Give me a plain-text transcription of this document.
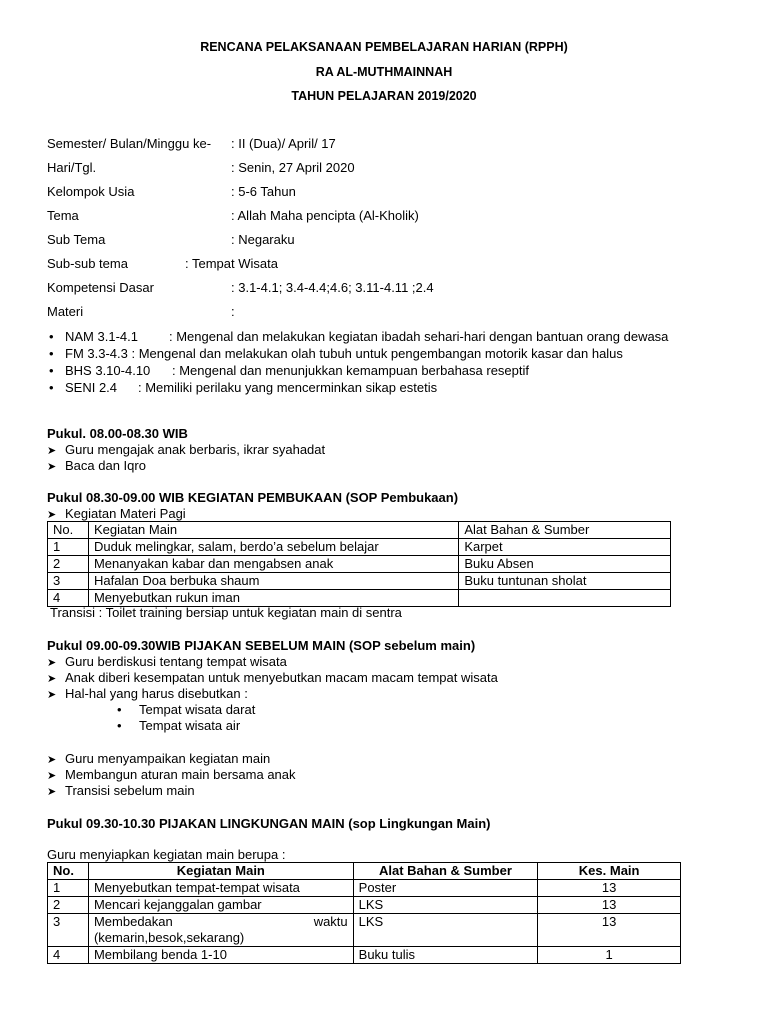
RENCANA PELAKSANAAN PEMBELAJARAN HARIAN (RPPH)
RA AL-MUTHMAINNAH
TAHUN PELAJARAN 2019/2020
Semester/ Bulan/Minggu ke- : II (Dua)/ April/ 17
Hari/Tgl.	: Senin, 27 April 2020
Kelompok Usia	: 5-6 Tahun
Tema	: Allah Maha pencipta (Al-Kholik)
Sub Tema	: Negaraku
Sub-sub tema	: Tempat Wisata
Kompetensi Dasar	: 3.1-4.1; 3.4-4.4;4.6; 3.11-4.11 ;2.4
Materi	:
• NAM 3.1-4.1 : Mengenal dan melakukan kegiatan ibadah sehari-hari dengan bantuan orang dewasa
• FM 3.3-4.3 : Mengenal dan melakukan olah tubuh untuk pengembangan motorik kasar dan halus
• BHS 3.10-4.10 : Mengenal dan menunjukkan kemampuan berbahasa reseptif
• SENI 2.4 : Memiliki perilaku yang mencerminkan sikap estetis
Pukul. 08.00-08.30 WIB
➤ Guru mengajak anak berbaris, ikrar syahadat
➤ Baca dan Iqro
Pukul 08.30-09.00 WIB KEGIATAN PEMBUKAAN (SOP Pembukaan)
➤ Kegiatan Materi Pagi
No.	Kegiatan Main	Alat Bahan & Sumber
1	Duduk melingkar, salam, berdo’a sebelum belajar	Karpet
2	Menanyakan kabar dan mengabsen anak	Buku Absen
3	Hafalan Doa berbuka shaum	Buku tuntunan sholat
4	Menyebutkan rukun iman	
Transisi : Toilet training bersiap untuk kegiatan main di sentra
Pukul 09.00-09.30WIB PIJAKAN SEBELUM MAIN (SOP sebelum main)
➤ Guru berdiskusi tentang tempat wisata
➤ Anak diberi kesempatan untuk menyebutkan macam macam tempat wisata
➤ Hal-hal yang harus disebutkan :
• Tempat wisata darat
• Tempat wisata air
➤ Guru menyampaikan kegiatan main
➤ Membangun aturan main bersama anak
➤ Transisi sebelum main
Pukul 09.30-10.30 PIJAKAN LINGKUNGAN MAIN (sop Lingkungan Main)
Guru menyiapkan kegiatan main berupa :
No.	Kegiatan Main	Alat Bahan & Sumber	Kes. Main
1	Menyebutkan tempat-tempat wisata	Poster	13
2	Mencari kejanggalan gambar	LKS	13
3	Membedakan waktu (kemarin,besok,sekarang)	LKS	13
4	Membilang benda 1-10	Buku tulis	1
